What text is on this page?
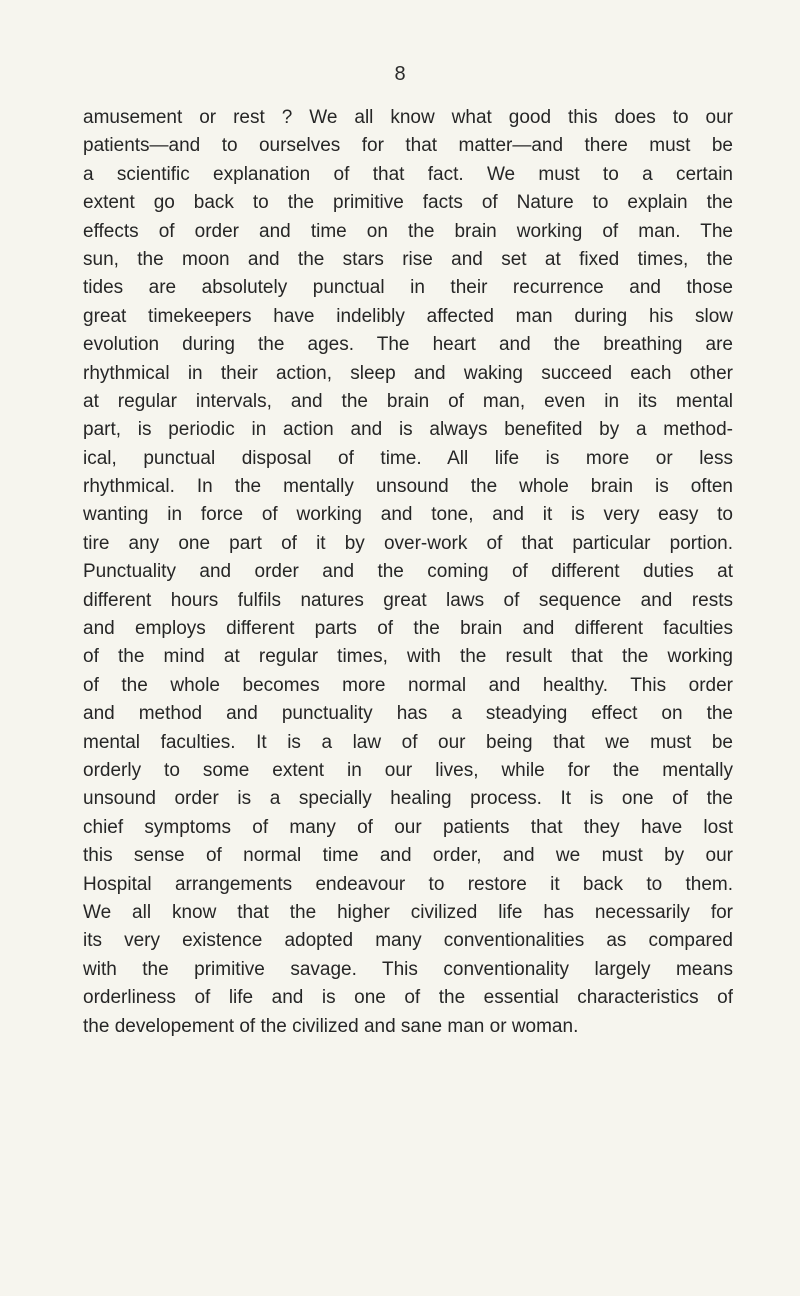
8
amusement or rest ? We all know what good this does to our
patients—and to ourselves for that matter—and there must be
a scientific explanation of that fact. We must to a certain
extent go back to the primitive facts of Nature to explain the
effects of order and time on the brain working of man. The
sun, the moon and the stars rise and set at fixed times, the
tides are absolutely punctual in their recurrence and those
great timekeepers have indelibly affected man during his slow
evolution during the ages. The heart and the breathing are
rhythmical in their action, sleep and waking succeed each other
at regular intervals, and the brain of man, even in its mental
part, is periodic in action and is always benefited by a method-
ical, punctual disposal of time. All life is more or less
rhythmical. In the mentally unsound the whole brain is often
wanting in force of working and tone, and it is very easy to
tire any one part of it by over-work of that particular portion.
Punctuality and order and the coming of different duties at
different hours fulfils natures great laws of sequence and rests
and employs different parts of the brain and different faculties
of the mind at regular times, with the result that the working
of the whole becomes more normal and healthy. This order
and method and punctuality has a steadying effect on the
mental faculties. It is a law of our being that we must be
orderly to some extent in our lives, while for the mentally
unsound order is a specially healing process. It is one of the
chief symptoms of many of our patients that they have lost
this sense of normal time and order, and we must by our
Hospital arrangements endeavour to restore it back to them.
We all know that the higher civilized life has necessarily for
its very existence adopted many conventionalities as compared
with the primitive savage. This conventionality largely means
orderliness of life and is one of the essential characteristics of
the developement of the civilized and sane man or woman.
